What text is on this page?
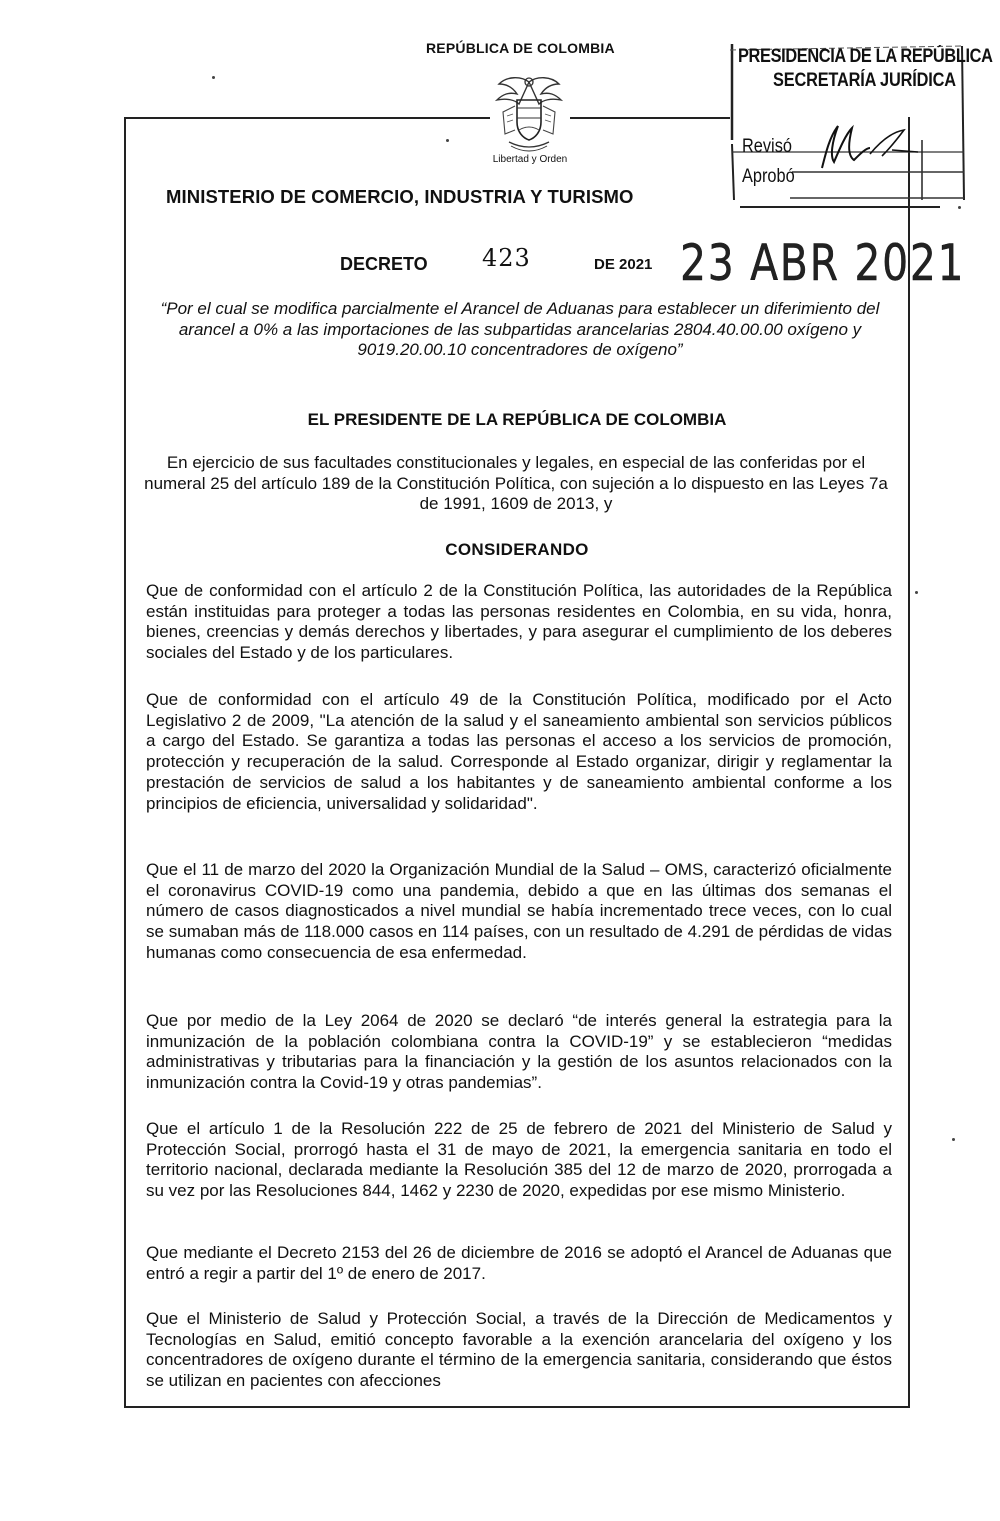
REPÚBLICA DE COLOMBIA
Libertad y Orden
MINISTERIO DE COMERCIO, INDUSTRIA Y TURISMO
PRESIDENCIA DE LA REPÚBLICA
SECRETARÍA JURÍDICA
Revisó
Aprobó
DECRETO 423	DE 2021 23 ABR 2021
“Por el cual se modifica parcialmente el Arancel de Aduanas para establecer un diferimiento del arancel a 0% a las importaciones de las subpartidas arancelarias 2804.40.00.00 oxígeno y 9019.20.00.10 concentradores de oxígeno”
EL PRESIDENTE DE LA REPÚBLICA DE COLOMBIA
En ejercicio de sus facultades constitucionales y legales, en especial de las conferidas por el numeral 25 del artículo 189 de la Constitución Política, con sujeción a lo dispuesto en las Leyes 7a de 1991, 1609 de 2013, y
CONSIDERANDO
Que de conformidad con el artículo 2 de la Constitución Política, las autoridades de la República están instituidas para proteger a todas las personas residentes en Colombia, en su vida, honra, bienes, creencias y demás derechos y libertades, y para asegurar el cumplimiento de los deberes sociales del Estado y de los particulares.
Que de conformidad con el artículo 49 de la Constitución Política, modificado por el Acto Legislativo 2 de 2009, "La atención de la salud y el saneamiento ambiental son servicios públicos a cargo del Estado. Se garantiza a todas las personas el acceso a los servicios de promoción, protección y recuperación de la salud. Corresponde al Estado organizar, dirigir y reglamentar la prestación de servicios de salud a los habitantes y de saneamiento ambiental conforme a los principios de eficiencia, universalidad y solidaridad".
Que el 11 de marzo del 2020 la Organización Mundial de la Salud – OMS, caracterizó oficialmente el coronavirus COVID-19 como una pandemia, debido a que en las últimas dos semanas el número de casos diagnosticados a nivel mundial se había incrementado trece veces, con lo cual se sumaban más de 118.000 casos en 114 países, con un resultado de 4.291 de pérdidas de vidas humanas como consecuencia de esa enfermedad.
Que por medio de la Ley 2064 de 2020 se declaró “de interés general la estrategia para la inmunización de la población colombiana contra la COVID-19” y se establecieron “medidas administrativas y tributarias para la financiación y la gestión de los asuntos relacionados con la inmunización contra la Covid-19 y otras pandemias”.
Que el artículo 1 de la Resolución 222 de 25 de febrero de 2021 del Ministerio de Salud y Protección Social, prorrogó hasta el 31 de mayo de 2021, la emergencia sanitaria en todo el territorio nacional, declarada mediante la Resolución 385 del 12 de marzo de 2020, prorrogada a su vez por las Resoluciones 844, 1462 y 2230 de 2020, expedidas por ese mismo Ministerio.
Que mediante el Decreto 2153 del 26 de diciembre de 2016 se adoptó el Arancel de Aduanas que entró a regir a partir del 1º de enero de 2017.
Que el Ministerio de Salud y Protección Social, a través de la Dirección de Medicamentos y Tecnologías en Salud, emitió concepto favorable a la exención arancelaria del oxígeno y los concentradores de oxígeno durante el término de la emergencia sanitaria, considerando que éstos se utilizan en pacientes con afecciones
